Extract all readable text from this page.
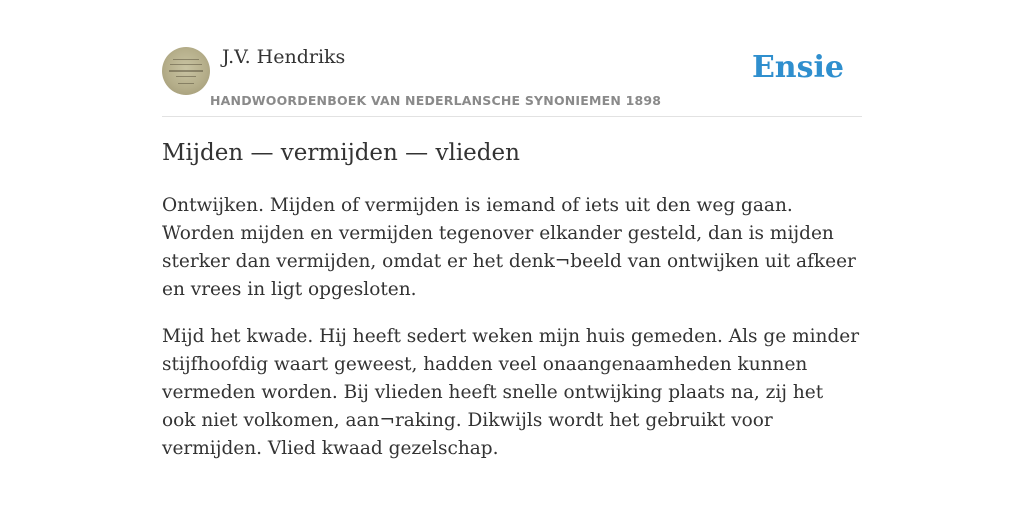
J.V. Hendriks
HANDWOORDENBOEK VAN NEDERLANSCHE SYNONIEMEN 1898
Ensie
Mijden — vermijden — vlieden

Ontwijken. Mijden of vermijden is iemand of iets uit den weg gaan. Worden mijden en vermijden tegenover elkander gesteld, dan is mijden sterker dan vermijden, omdat er het denk¬beeld van ontwijken uit afkeer en vrees in ligt opgesloten.

Mijd het kwade. Hij heeft sedert weken mijn huis gemeden. Als ge minder stijfhoofdig waart geweest, hadden veel onaangenaamheden kunnen vermeden worden. Bij vlieden heeft snelle ontwijking plaats na, zij het ook niet volkomen, aan¬raking. Dikwijls wordt het gebruikt voor vermijden. Vlied kwaad gezelschap.
